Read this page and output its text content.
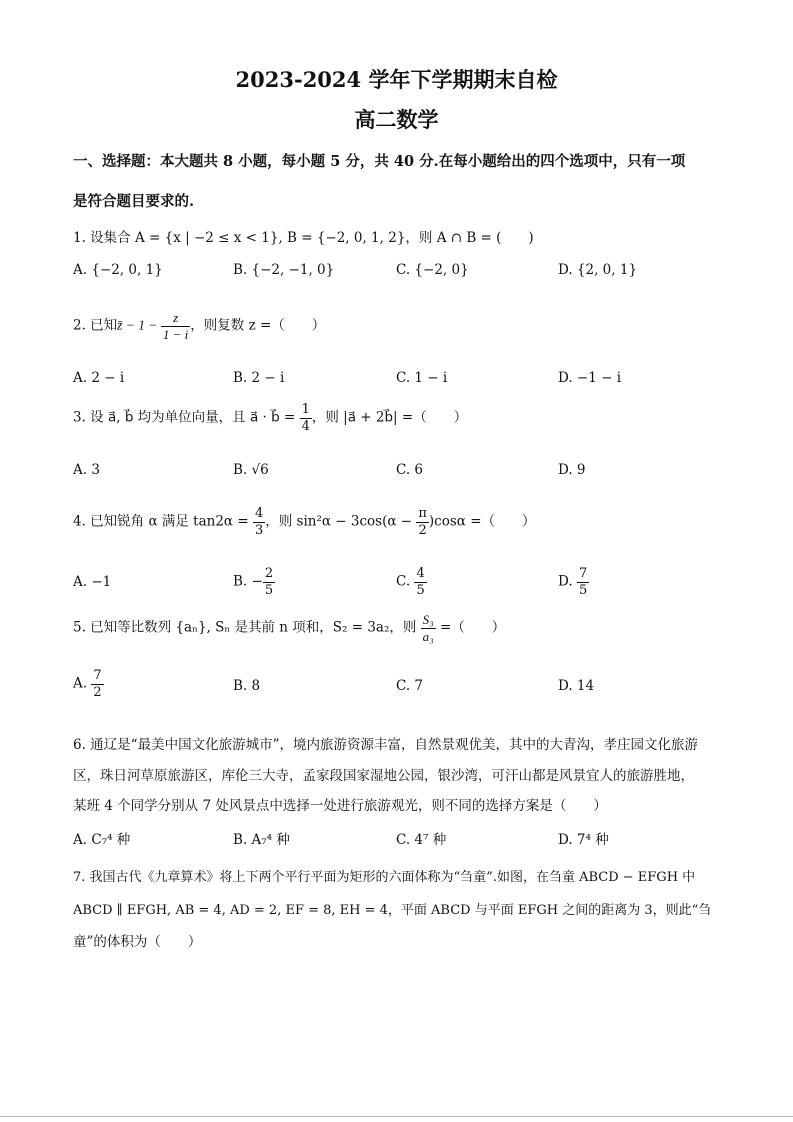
2023-2024 学年下学期期末自检
高二数学
一、选择题：本大题共 8 小题，每小题 5 分，共 40 分.在每小题给出的四个选项中，只有一项
是符合题目要求的.
1. 设集合 A = {x | −2 ≤ x < 1}, B = {−2, 0, 1, 2}，则 A ∩ B = (　　)
A. {−2, 0, 1}	B. {−2, −1, 0}	C. {−2, 0}	D. {2, 0, 1}
2. 已知z̄ − $1 - \frac{z}{1 - i}$ ，则复数 z =（　　）
A. 2 − i	B. 2 − i	C. 1 − i	D. −1 − i
3. 设 a⃗, b⃗ 均为单位向量，且 a⃗ · b⃗ = $\frac{1}{4}$ ，则 |a⃗ + 2b⃗| =（　　）
A. 3	B. √6	C. 6	D. 9
4. 已知锐角 α 满足 $\tan 2\alpha = \frac{4}{3}$ ，则 $\sin^2\alpha - 3\cos(\alpha - \frac{\pi}{2} )\cos\alpha$ =（　　）
A. −1	B. − $\frac{2}{5}$	C. $\frac{4}{5}$	D. $\frac{7}{5}$
5. 已知等比数列 {aₙ}, Sₙ 是其前 n 项和，S₂ = 3a₂，则 $\frac{\text{S₃}}{\text{a₃}}$ =（　　）
A. $\frac{7}{2}$	B. 8	C. 7	D. 14
6. 通辽是“最美中国文化旅游城市”，境内旅游资源丰富，自然景观优美，其中的大青沟，孝庄园文化旅游
区，珠日河草原旅游区，库伦三大寺，孟家段国家湿地公园，银沙湾，可汗山都是风景宜人的旅游胜地，
某班 4 个同学分别从 7 处风景点中选择一处进行旅游观光，则不同的选择方案是（　　）
A. C₇⁴ 种	B. A₇⁴ 种	C. 4⁷ 种	D. 7⁴ 种
7. 我国古代《九章算术》将上下两个平行平面为矩形的六面体称为“刍童”.如图，在刍童 ABCD − EFGH 中
ABCD ∥ EFGH, AB = 4, AD = 2, EF = 8, EH = 4，平面 ABCD 与平面 EFGH 之间的距离为 3，则此“刍
童”的体积为（　　）
